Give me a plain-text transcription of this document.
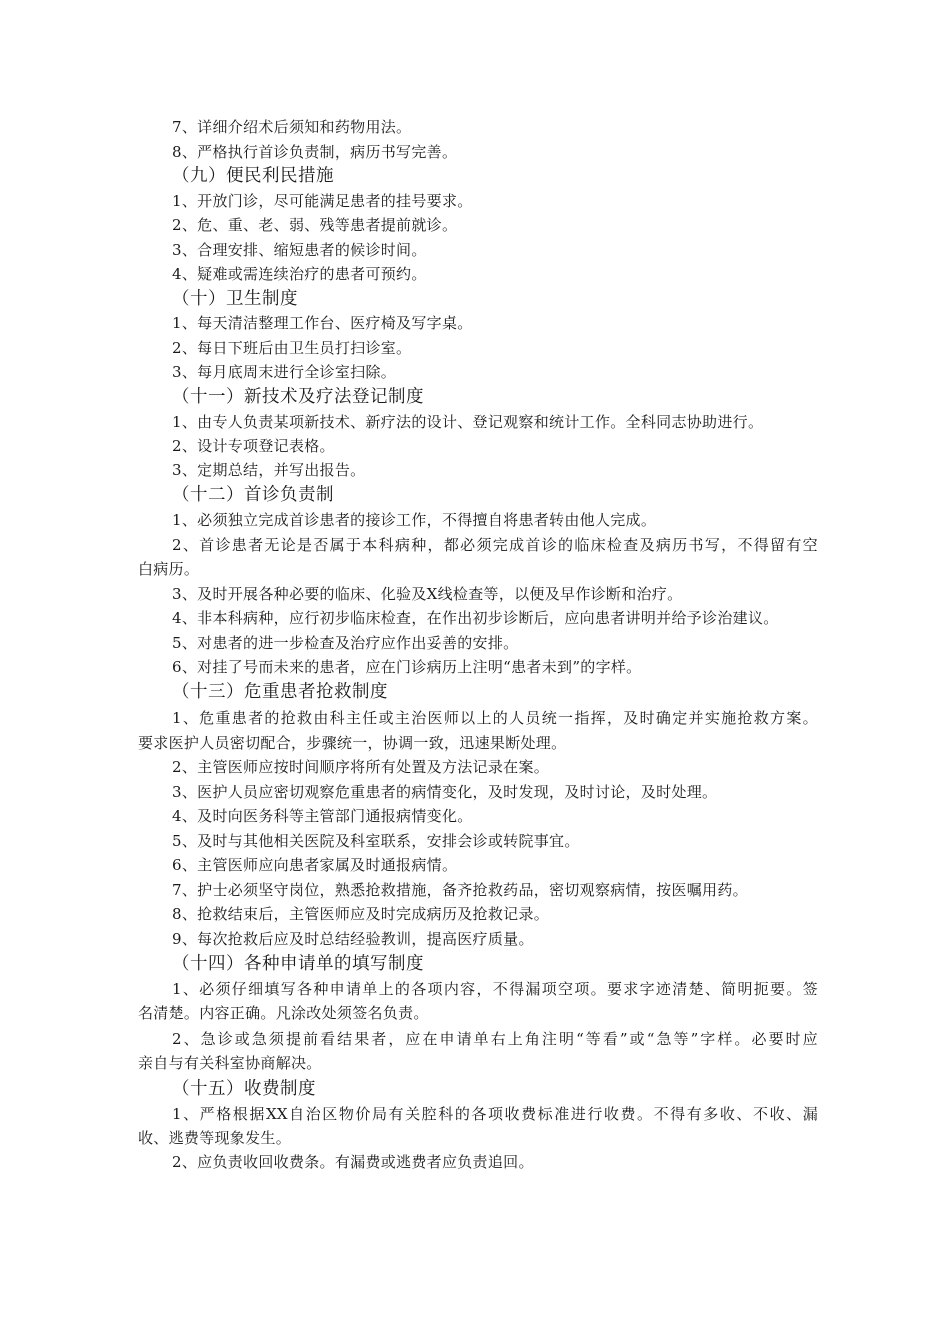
7、详细介绍术后须知和药物用法。
8、严格执行首诊负责制，病历书写完善。
（九）便民利民措施
1、开放门诊，尽可能满足患者的挂号要求。
2、危、重、老、弱、残等患者提前就诊。
3、合理安排、缩短患者的候诊时间。
4、疑难或需连续治疗的患者可预约。
（十）卫生制度
1、每天清洁整理工作台、医疗椅及写字桌。
2、每日下班后由卫生员打扫诊室。
3、每月底周末进行全诊室扫除。
（十一）新技术及疗法登记制度
1、由专人负责某项新技术、新疗法的设计、登记观察和统计工作。全科同志协助进行。
2、设计专项登记表格。
3、定期总结，并写出报告。
（十二）首诊负责制
1、必须独立完成首诊患者的接诊工作，不得擅自将患者转由他人完成。
2、首诊患者无论是否属于本科病种，都必须完成首诊的临床检查及病历书写，不得留有空
白病历。
3、及时开展各种必要的临床、化验及X线检查等，以便及早作诊断和治疗。
4、非本科病种，应行初步临床检查，在作出初步诊断后，应向患者讲明并给予诊治建议。
5、对患者的进一步检查及治疗应作出妥善的安排。
6、对挂了号而未来的患者，应在门诊病历上注明“患者未到”的字样。
（十三）危重患者抢救制度
1、危重患者的抢救由科主任或主治医师以上的人员统一指挥，及时确定并实施抢救方案。
要求医护人员密切配合，步骤统一，协调一致，迅速果断处理。
2、主管医师应按时间顺序将所有处置及方法记录在案。
3、医护人员应密切观察危重患者的病情变化，及时发现，及时讨论，及时处理。
4、及时向医务科等主管部门通报病情变化。
5、及时与其他相关医院及科室联系，安排会诊或转院事宜。
6、主管医师应向患者家属及时通报病情。
7、护士必须坚守岗位，熟悉抢救措施，备齐抢救药品，密切观察病情，按医嘱用药。
8、抢救结束后，主管医师应及时完成病历及抢救记录。
9、每次抢救后应及时总结经验教训，提高医疗质量。
（十四）各种申请单的填写制度
1、必须仔细填写各种申请单上的各项内容，不得漏项空项。要求字迹清楚、简明扼要。签
名清楚。内容正确。凡涂改处须签名负责。
2、急诊或急须提前看结果者，应在申请单右上角注明“等看”或“急等”字样。必要时应
亲自与有关科室协商解决。
（十五）收费制度
1、严格根据XX自治区物价局有关腔科的各项收费标准进行收费。不得有多收、不收、漏
收、逃费等现象发生。
2、应负责收回收费条。有漏费或逃费者应负责追回。
